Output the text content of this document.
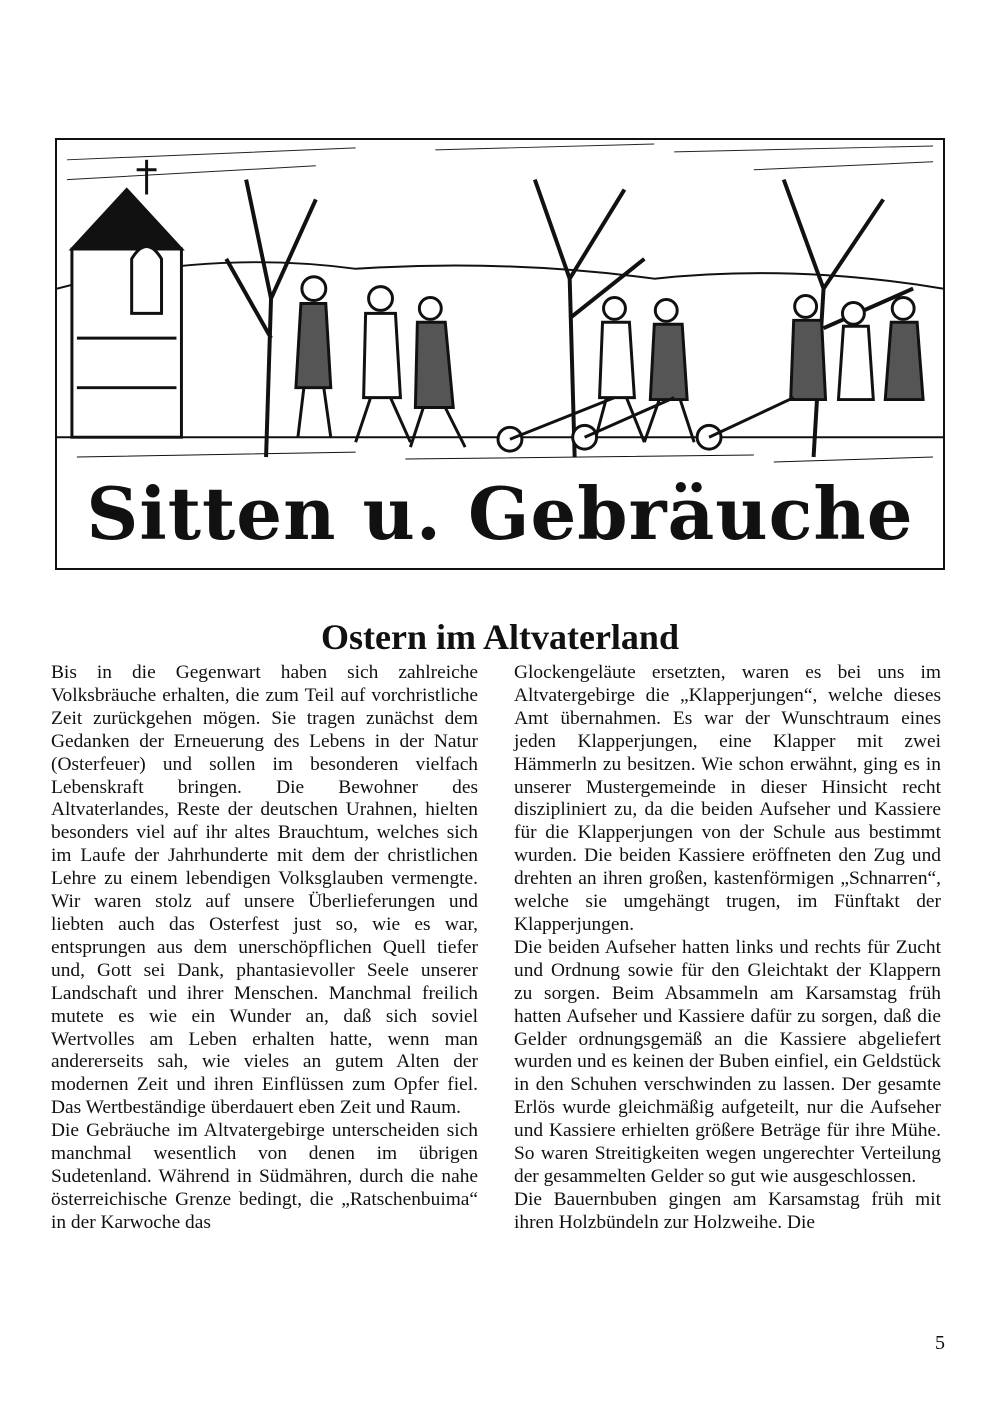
Sitten u. Gebräuche
Ostern im Altvaterland

Bis in die Gegenwart haben sich zahlreiche Volksbräuche erhalten, die zum Teil auf vorchristliche Zeit zurückgehen mögen. Sie tragen zunächst dem Gedanken der Erneuerung des Lebens in der Natur (Osterfeuer) und sollen im besonderen vielfach Lebenskraft bringen. Die Bewohner des Altvaterlandes, Reste der deutschen Urahnen, hielten besonders viel auf ihr altes Brauchtum, welches sich im Laufe der Jahrhunderte mit dem der christlichen Lehre zu einem lebendigen Volksglauben vermengte. Wir waren stolz auf unsere Überlieferungen und liebten auch das Osterfest just so, wie es war, entsprungen aus dem unerschöpflichen Quell tiefer und, Gott sei Dank, phantasievoller Seele unserer Landschaft und ihrer Menschen. Manchmal freilich mutete es wie ein Wunder an, daß sich soviel Wertvolles am Leben erhalten hatte, wenn man andererseits sah, wie vieles an gutem Alten der modernen Zeit und ihren Einflüssen zum Opfer fiel. Das Wertbeständige überdauert eben Zeit und Raum.

Die Gebräuche im Altvatergebirge unterscheiden sich manchmal wesentlich von denen im übrigen Sudetenland. Während in Südmähren, durch die nahe österreichische Grenze bedingt, die „Ratschenbuima“ in der Karwoche das

Glockengeläute ersetzten, waren es bei uns im Altvatergebirge die „Klapperjungen“, welche dieses Amt übernahmen. Es war der Wunschtraum eines jeden Klapperjungen, eine Klapper mit zwei Hämmerln zu besitzen. Wie schon erwähnt, ging es in unserer Mustergemeinde in dieser Hinsicht recht diszipliniert zu, da die beiden Aufseher und Kassiere für die Klapperjungen von der Schule aus bestimmt wurden. Die beiden Kassiere eröffneten den Zug und drehten an ihren großen, kastenförmigen „Schnarren“, welche sie umgehängt trugen, im Fünftakt der Klapperjungen.

Die beiden Aufseher hatten links und rechts für Zucht und Ordnung sowie für den Gleichtakt der Klappern zu sorgen. Beim Absammeln am Karsamstag früh hatten Aufseher und Kassiere dafür zu sorgen, daß die Gelder ordnungsgemäß an die Kassiere abgeliefert wurden und es keinen der Buben einfiel, ein Geldstück in den Schuhen verschwinden zu lassen. Der gesamte Erlös wurde gleichmäßig aufgeteilt, nur die Aufseher und Kassiere erhielten größere Beträge für ihre Mühe. So waren Streitigkeiten wegen ungerechter Verteilung der gesammelten Gelder so gut wie ausgeschlossen.

Die Bauernbuben gingen am Karsamstag früh mit ihren Holzbündeln zur Holzweihe. Die

5
